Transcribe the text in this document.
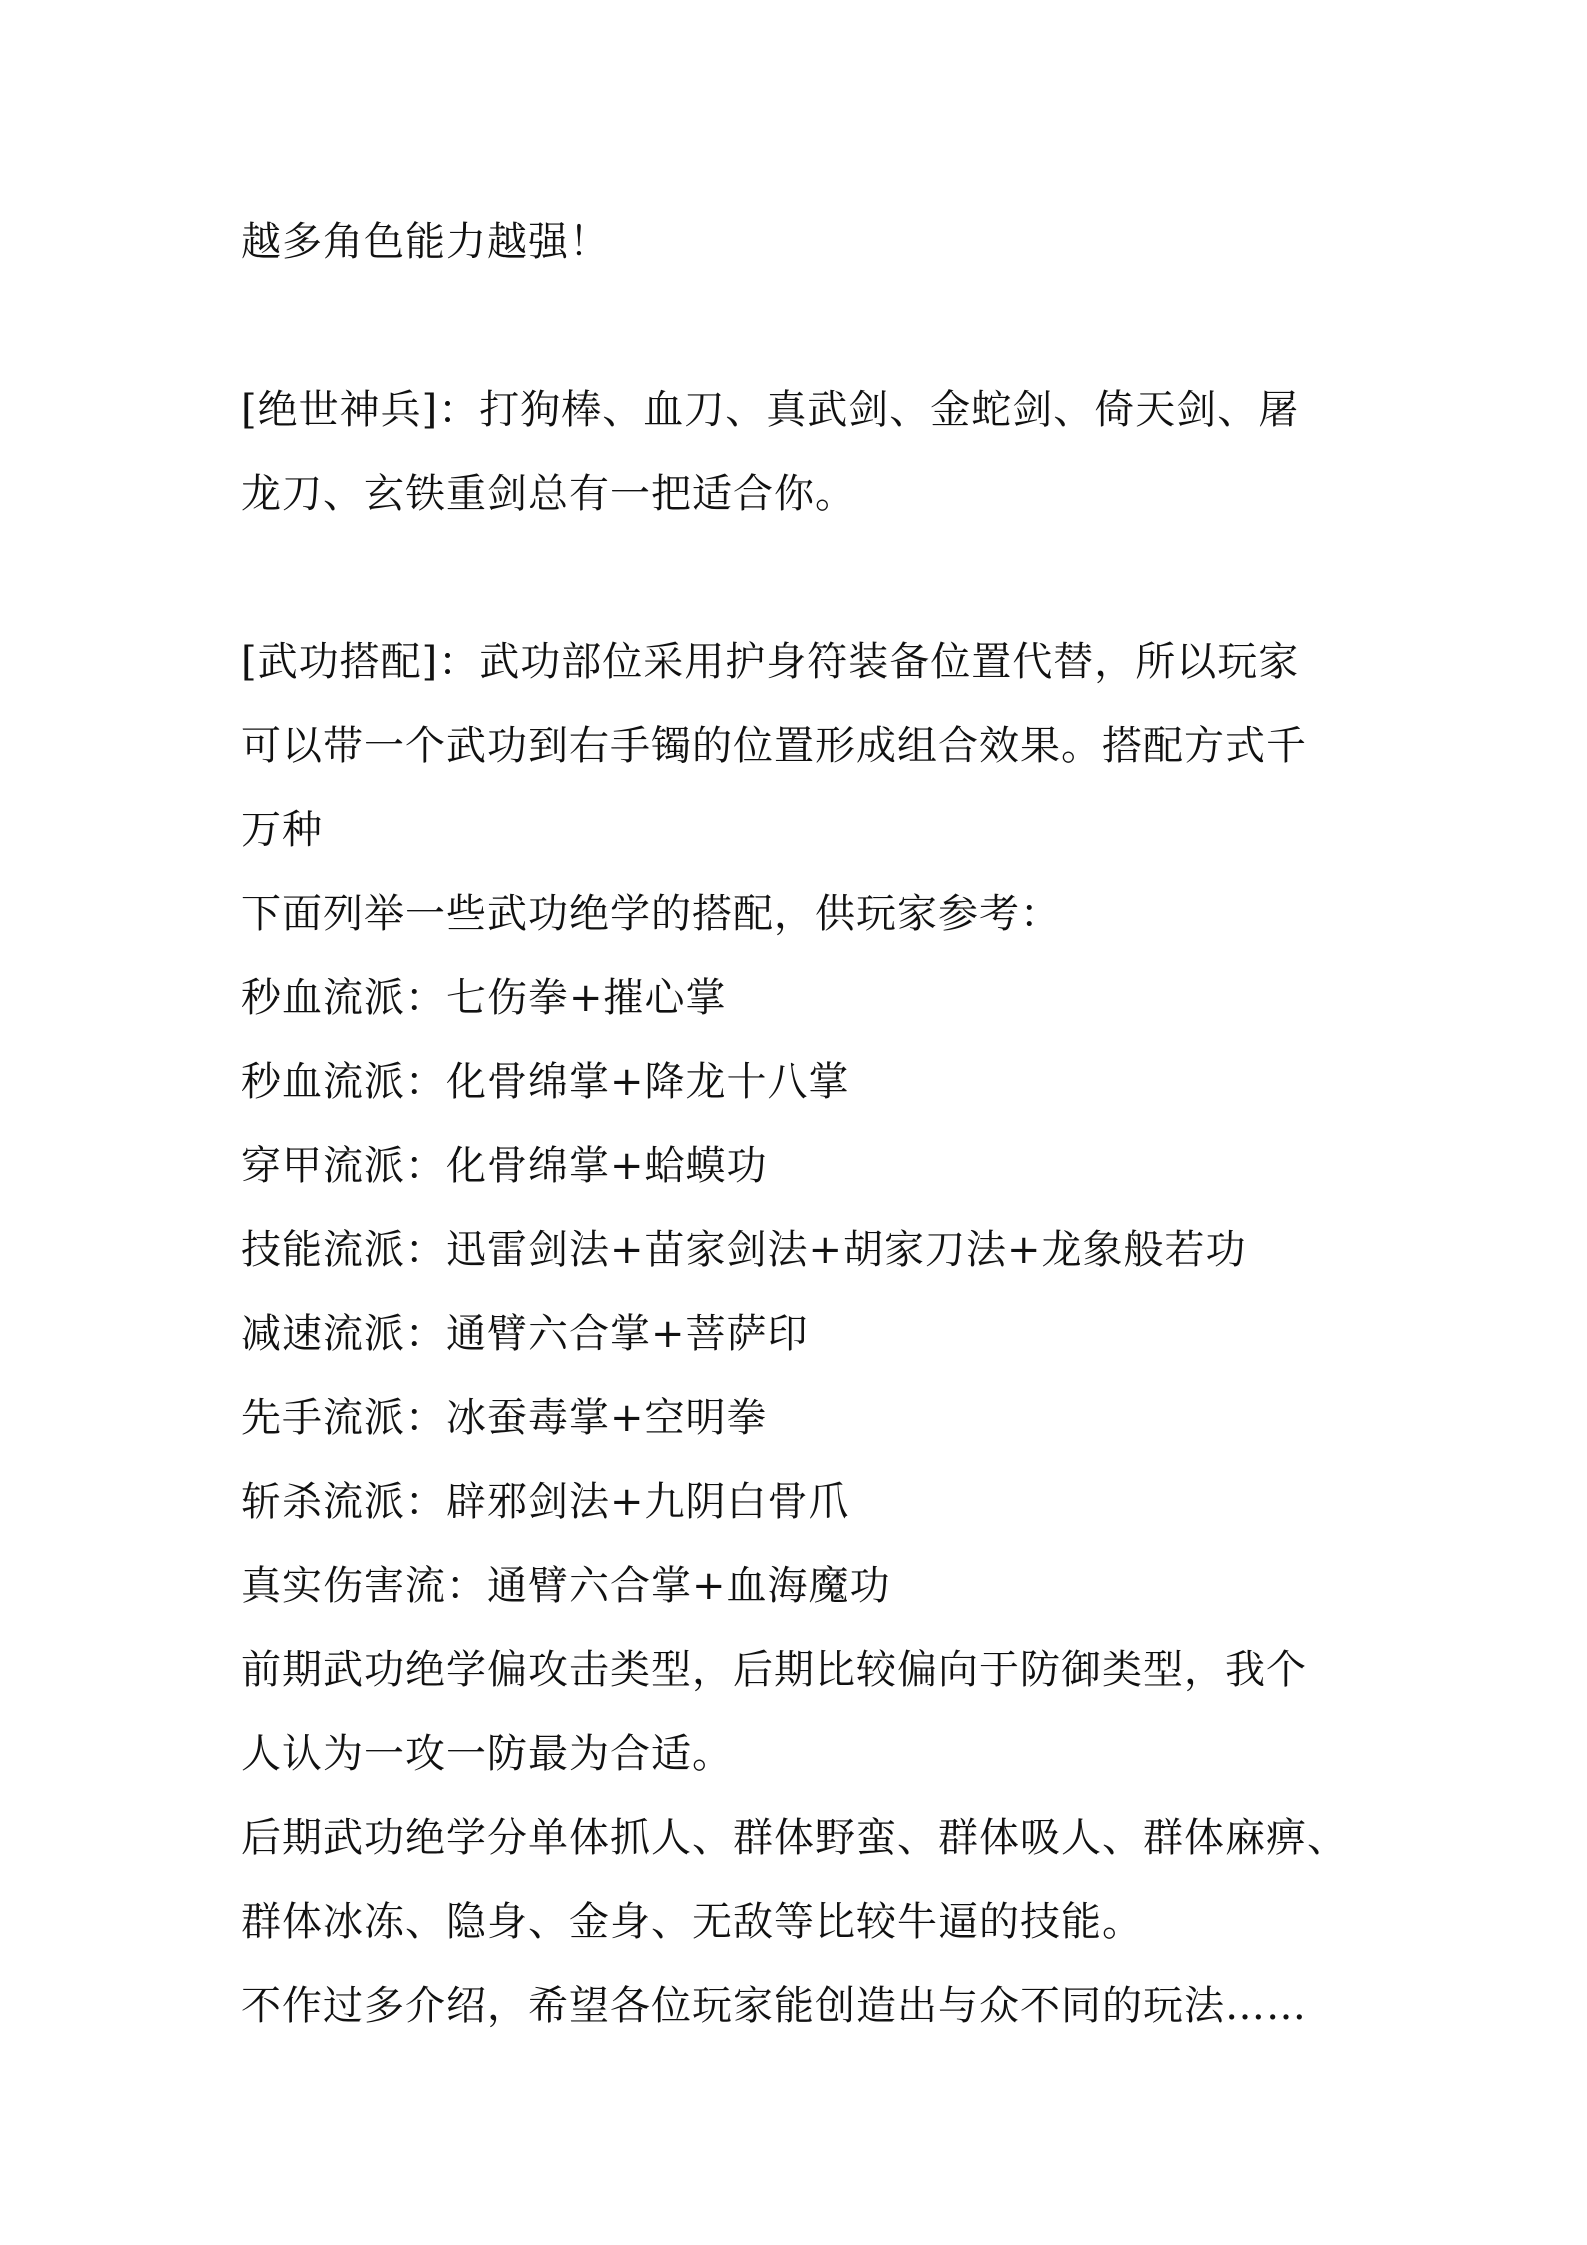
越多角色能力越强！
[绝世神兵]：打狗棒、血刀、真武剑、金蛇剑、倚天剑、屠
龙刀、玄铁重剑总有一把适合你。
[武功搭配]：武功部位采用护身符装备位置代替，所以玩家
可以带一个武功到右手镯的位置形成组合效果。搭配方式千
万种
下面列举一些武功绝学的搭配，供玩家参考：
秒血流派：七伤拳+摧心掌
秒血流派：化骨绵掌+降龙十八掌
穿甲流派：化骨绵掌+蛤蟆功
技能流派：迅雷剑法+苗家剑法+胡家刀法+龙象般若功
减速流派：通臂六合掌+菩萨印
先手流派：冰蚕毒掌+空明拳
斩杀流派：辟邪剑法+九阴白骨爪
真实伤害流：通臂六合掌+血海魔功
前期武功绝学偏攻击类型，后期比较偏向于防御类型，我个
人认为一攻一防最为合适。
后期武功绝学分单体抓人、群体野蛮、群体吸人、群体麻痹、
群体冰冻、隐身、金身、无敌等比较牛逼的技能。
不作过多介绍，希望各位玩家能创造出与众不同的玩法……
